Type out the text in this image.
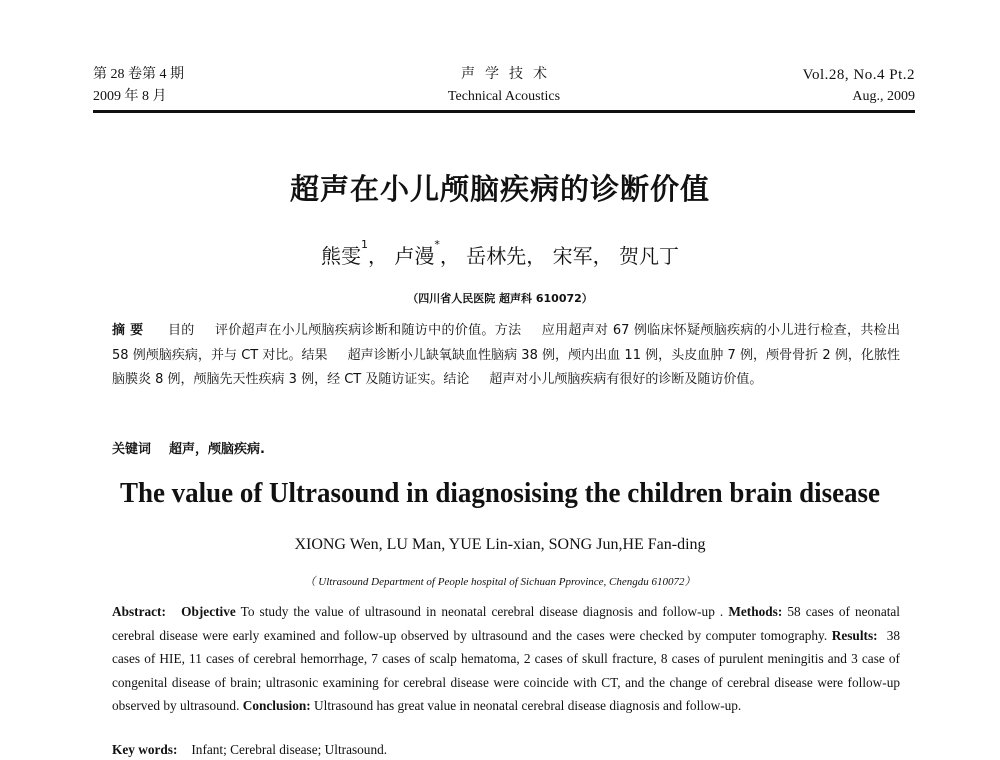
第 28 卷第 4 期
2009 年 8 月
声学技术
Technical Acoustics
Vol.28, No.4 Pt.2
Aug., 2009
超声在小儿颅脑疾病的诊断价值
熊雯$^1$， 卢漫*， 岳林先， 宋军， 贺凡丁
（四川省人民医院 超声科 610072）
摘 要 目的 评价超声在小儿颅脑疾病诊断和随访中的价值。方法 应用超声对 67 例临床怀疑颅脑疾病的小儿进行检查，共检出 58 例颅脑疾病，并与 CT 对比。结果 超声诊断小儿缺氧缺血性脑病 38 例，颅内出血 11 例，头皮血肿 7 例，颅骨骨折 2 例，化脓性脑膜炎 8 例，颅脑先天性疾病 3 例，经 CT 及随访证实。结论 超声对小儿颅脑疾病有很好的诊断及随访价值。
关键词 超声，颅脑疾病.
The value of Ultrasound in diagnosising the children brain disease
XIONG Wen, LU Man, YUE Lin-xian, SONG Jun,HE Fan-ding
（ Ultrasound Department of People hospital of Sichuan Pprovince, Chengdu 610072）
Abstract: Objective To study the value of ultrasound in neonatal cerebral disease diagnosis and follow-up . Methods: 58 cases of neonatal cerebral disease were early examined and follow-up observed by ultrasound and the cases were checked by computer tomography. Results: 38 cases of HIE, 11 cases of cerebral hemorrhage, 7 cases of scalp hematoma, 2 cases of skull fracture, 8 cases of purulent meningitis and 3 case of congenital disease of brain; ultrasonic examining for cerebral disease were coincide with CT, and the change of cerebral disease were follow-up observed by ultrasound. Conclusion: Ultrasound has great value in neonatal cerebral disease diagnosis and follow-up.
Key words: Infant; Cerebral disease; Ultrasound.
